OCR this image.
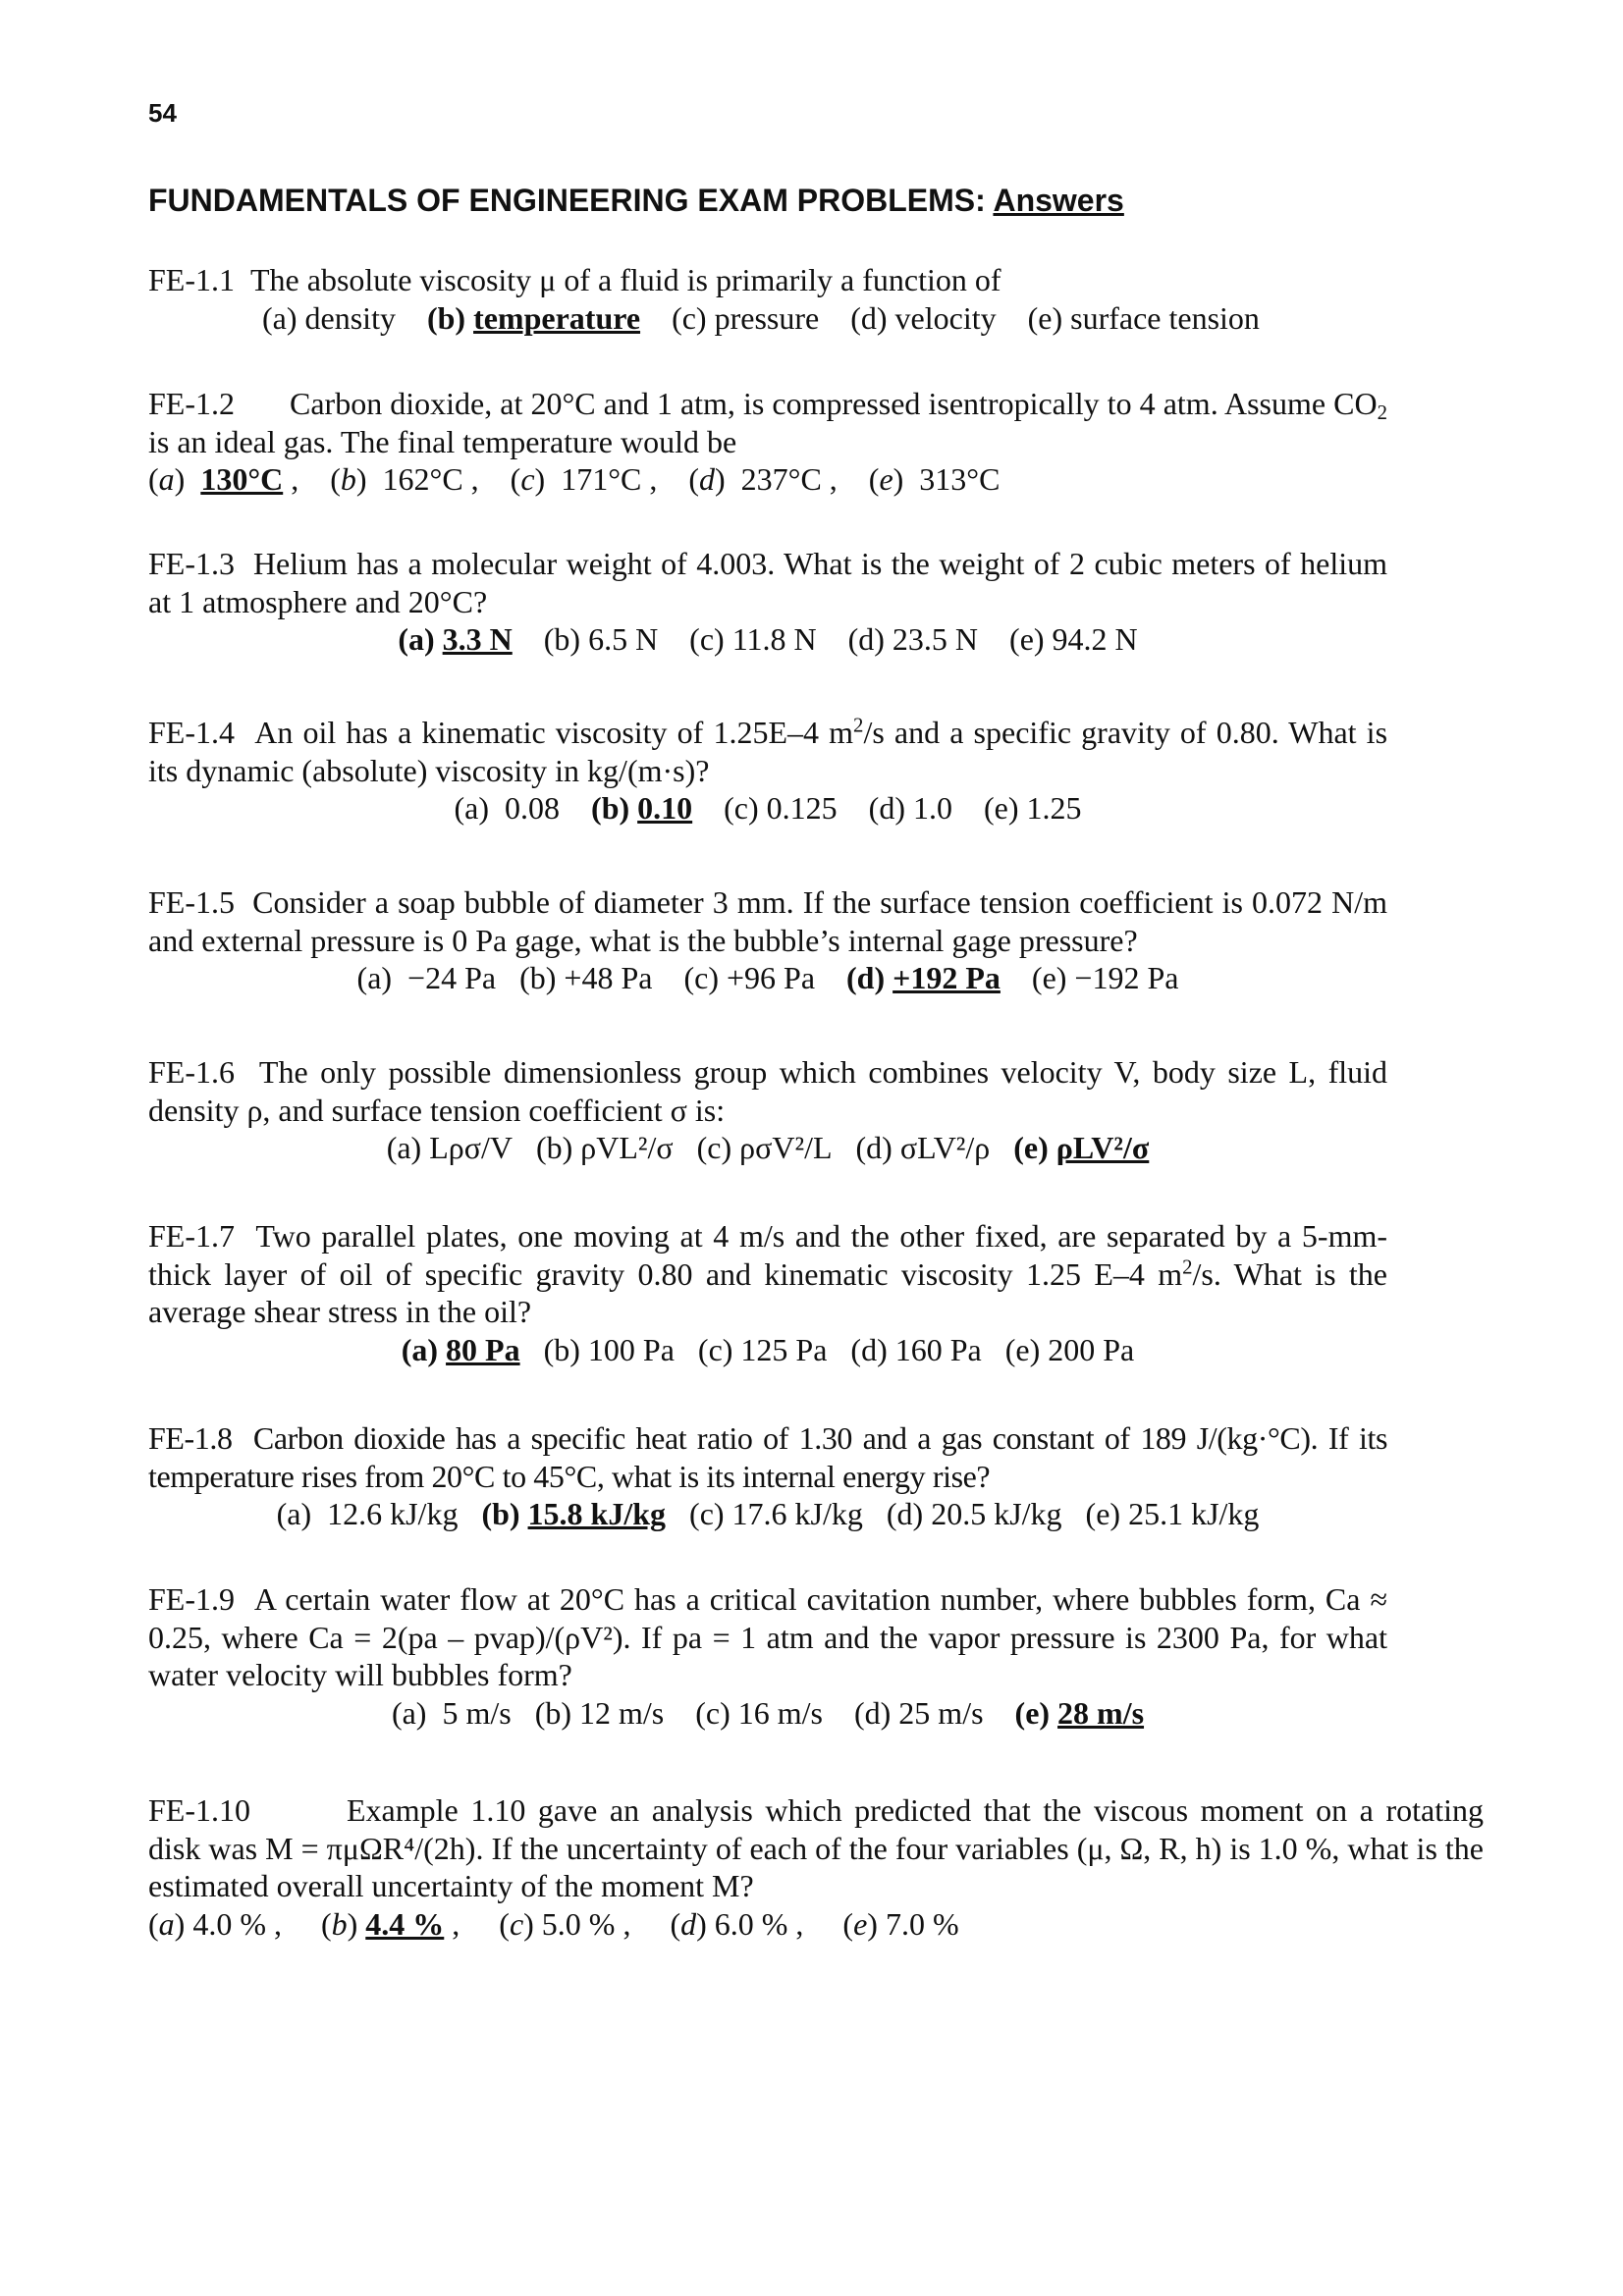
54
FUNDAMENTALS OF ENGINEERING EXAM PROBLEMS: Answers

FE-1.1 The absolute viscosity μ of a fluid is primarily a function of

(a) density (b) temperature (c) pressure (d) velocity (e) surface tension

FE-1.2 Carbon dioxide, at 20°C and 1 atm, is compressed isentropically to 4 atm. Assume $CO_2$ is an ideal gas. The final temperature would be

(a) 130°C ,    (b)  162°C ,    (c)  171°C ,    (d)  237°C ,    (e)  313°C

FE-1.3 Helium has a molecular weight of 4.003. What is the weight of 2 cubic meters of helium at 1 atmosphere and 20°C?

(a) 3.3 N (b) 6.5 N (c) 11.8 N (d) 23.5 N (e) 94.2 N

FE-1.4 An oil has a kinematic viscosity of 1.25E–4 $m^2/s$ and a specific gravity of 0.80. What is its dynamic (absolute) viscosity in kg/(m·s)?

(a) 0.08 (b) 0.10 (c) 0.125 (d) 1.0 (e) 1.25

FE-1.5 Consider a soap bubble of diameter 3 mm. If the surface tension coefficient is 0.072 N/m and external pressure is 0 Pa gage, what is the bubble’s internal gage pressure?

(a) −24 Pa (b) +48 Pa (c) +96 Pa (d) +192 Pa (e) −192 Pa

FE-1.6 The only possible dimensionless group which combines velocity V, body size L, fluid density ρ, and surface tension coefficient σ is:

(a) Lρσ/V (b) ρVL²/σ (c) ρσV²/L (d) σLV²/ρ (e) ρLV²/σ

FE-1.7 Two parallel plates, one moving at 4 m/s and the other fixed, are separated by a 5-mm-thick layer of oil of specific gravity 0.80 and kinematic viscosity 1.25 E–4 $m^2/s$. What is the average shear stress in the oil?

(a) 80 Pa (b) 100 Pa (c) 125 Pa (d) 160 Pa (e) 200 Pa

FE-1.8 Carbon dioxide has a specific heat ratio of 1.30 and a gas constant of 189 J/(kg·°C). If its temperature rises from 20°C to 45°C, what is its internal energy rise?

(a) 12.6 kJ/kg (b) 15.8 kJ/kg (c) 17.6 kJ/kg (d) 20.5 kJ/kg (e) 25.1 kJ/kg

FE-1.9 A certain water flow at 20°C has a critical cavitation number, where bubbles form, Ca ≈ 0.25, where Ca = 2(pa – pvap)/(ρV²). If pa = 1 atm and the vapor pressure is 2300 Pa, for what water velocity will bubbles form?

(a) 5 m/s (b) 12 m/s (c) 16 m/s (d) 25 m/s (e) 28 m/s

FE-1.10	Example 1.10 gave an analysis which predicted that the viscous moment on a rotating disk was M = πμΩR⁴/(2h). If the uncertainty of each of the four variables (μ, Ω, R, h) is 1.0 %, what is the estimated overall uncertainty of the moment M?

(a) 4.0 % ,     (b) 4.4 % ,     (c) 5.0 % ,     (d) 6.0 % ,     (e) 7.0 %
